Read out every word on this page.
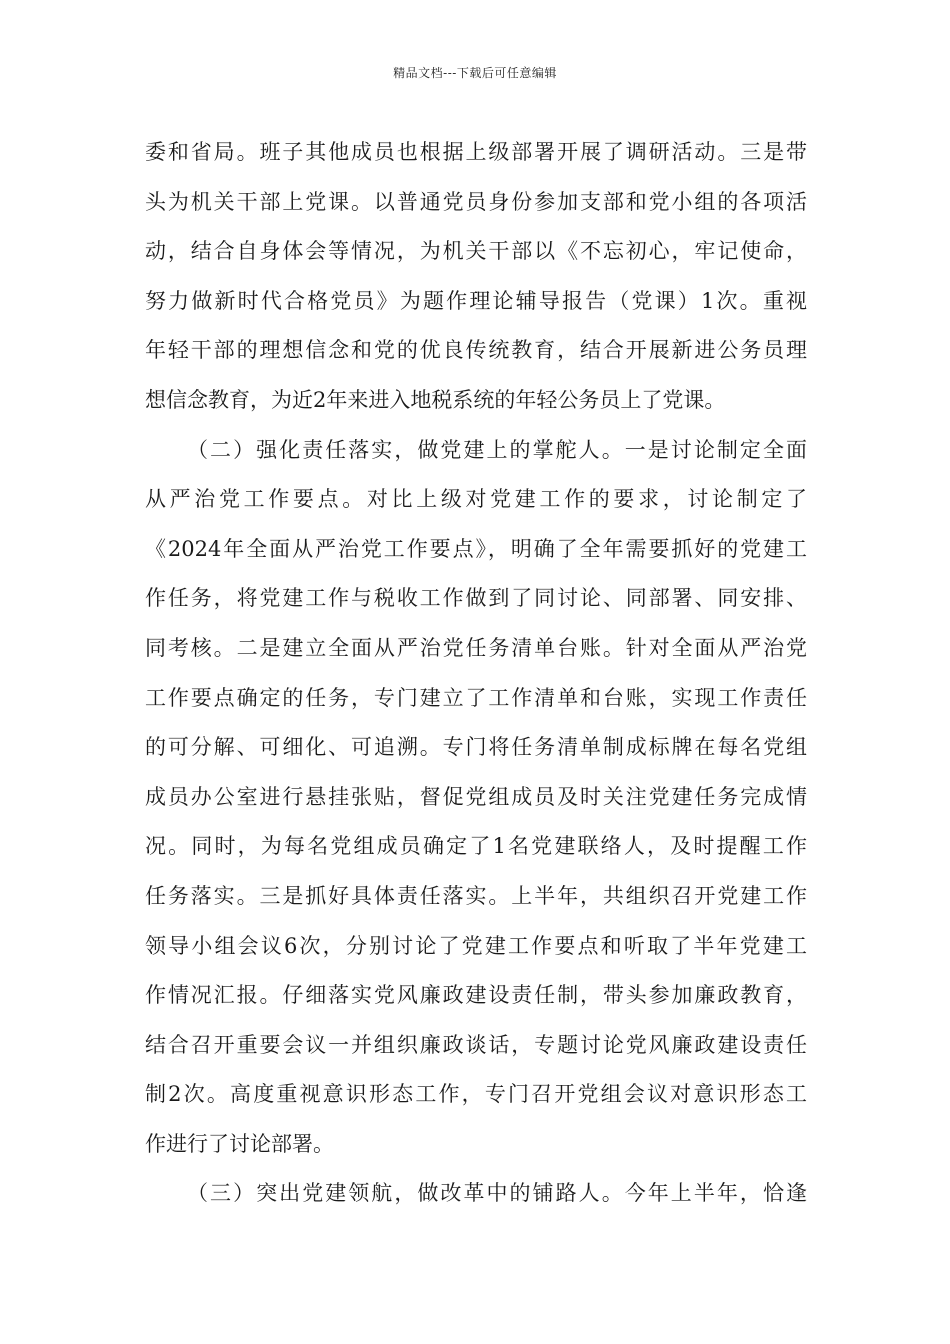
精品文档---下载后可任意编辑
委和省局。班子其他成员也根据上级部署开展了调研活动。三是带
头为机关干部上党课。以普通党员身份参加支部和党小组的各项活
动，结合自身体会等情况，为机关干部以《不忘初心，牢记使命，
努力做新时代合格党员》为题作理论辅导报告（党课）1次。重视
年轻干部的理想信念和党的优良传统教育，结合开展新进公务员理
想信念教育，为近2年来进入地税系统的年轻公务员上了党课。
（二）强化责任落实，做党建上的掌舵人。一是讨论制定全面
从严治党工作要点。对比上级对党建工作的要求，讨论制定了
《2024年全面从严治党工作要点》，明确了全年需要抓好的党建工
作任务，将党建工作与税收工作做到了同讨论、同部署、同安排、
同考核。二是建立全面从严治党任务清单台账。针对全面从严治党
工作要点确定的任务，专门建立了工作清单和台账，实现工作责任
的可分解、可细化、可追溯。专门将任务清单制成标牌在每名党组
成员办公室进行悬挂张贴，督促党组成员及时关注党建任务完成情
况。同时，为每名党组成员确定了1名党建联络人，及时提醒工作
任务落实。三是抓好具体责任落实。上半年，共组织召开党建工作
领导小组会议6次，分别讨论了党建工作要点和听取了半年党建工
作情况汇报。仔细落实党风廉政建设责任制，带头参加廉政教育，
结合召开重要会议一并组织廉政谈话，专题讨论党风廉政建设责任
制2次。高度重视意识形态工作，专门召开党组会议对意识形态工
作进行了讨论部署。
（三）突出党建领航，做改革中的铺路人。今年上半年，恰逢
